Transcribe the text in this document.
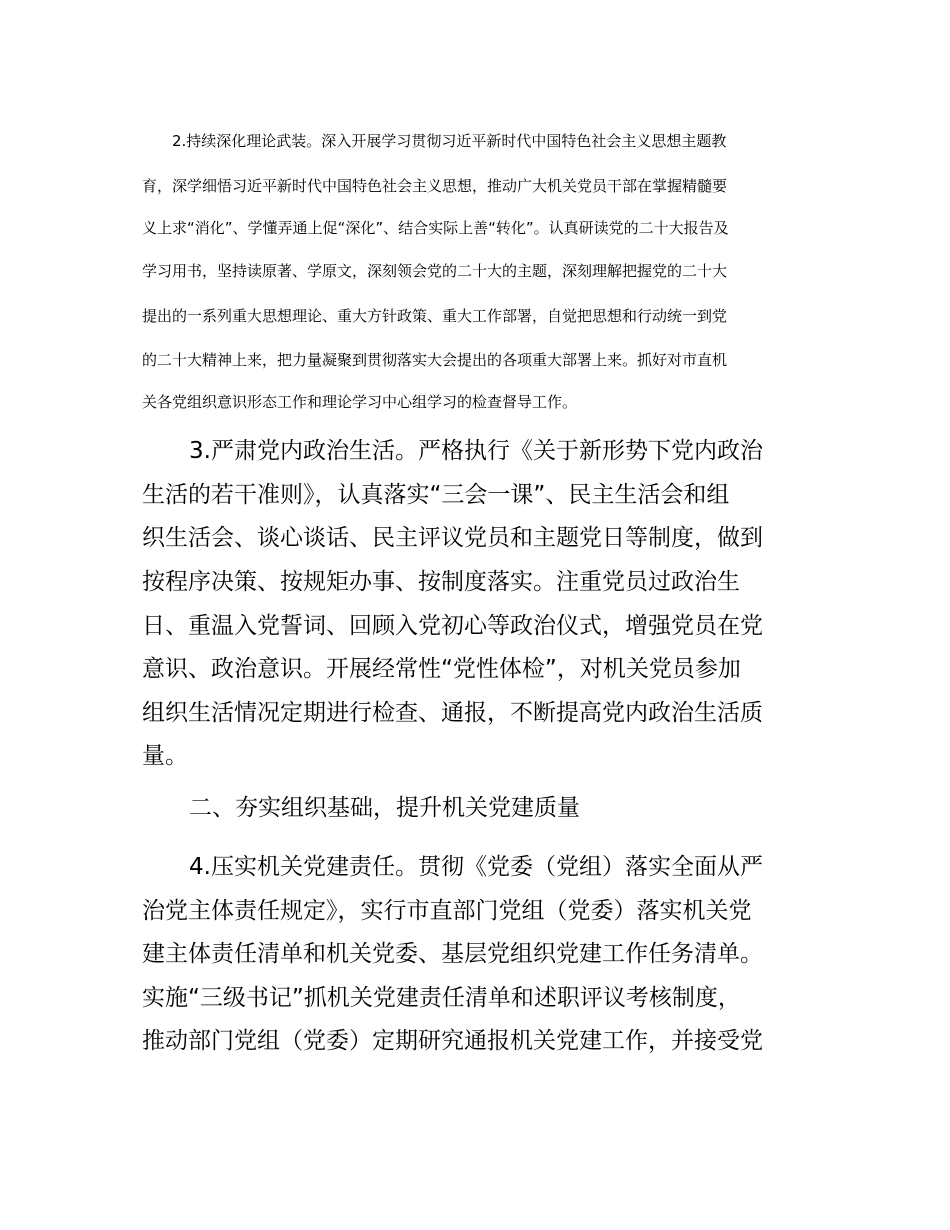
2.持续深化理论武装。深入开展学习贯彻习近平新时代中国特色社会主义思想主题教

育，深学细悟习近平新时代中国特色社会主义思想，推动广大机关党员干部在掌握精髓要

义上求“消化”、学懂弄通上促“深化”、结合实际上善“转化”。认真研读党的二十大报告及

学习用书，坚持读原著、学原文，深刻领会党的二十大的主题，深刻理解把握党的二十大

提出的一系列重大思想理论、重大方针政策、重大工作部署，自觉把思想和行动统一到党

的二十大精神上来，把力量凝聚到贯彻落实大会提出的各项重大部署上来。抓好对市直机

关各党组织意识形态工作和理论学习中心组学习的检查督导工作。

3.严肃党内政治生活。严格执行《关于新形势下党内政治

生活的若干准则》，认真落实“三会一课”、民主生活会和组

织生活会、谈心谈话、民主评议党员和主题党日等制度，做到

按程序决策、按规矩办事、按制度落实。注重党员过政治生

日、重温入党誓词、回顾入党初心等政治仪式，增强党员在党

意识、政治意识。开展经常性“党性体检”，对机关党员参加

组织生活情况定期进行检查、通报，不断提高党内政治生活质

量。

二、夯实组织基础，提升机关党建质量

4.压实机关党建责任。贯彻《党委（党组）落实全面从严

治党主体责任规定》，实行市直部门党组（党委）落实机关党

建主体责任清单和机关党委、基层党组织党建工作任务清单。

实施“三级书记”抓机关党建责任清单和述职评议考核制度，

推动部门党组（党委）定期研究通报机关党建工作，并接受党
